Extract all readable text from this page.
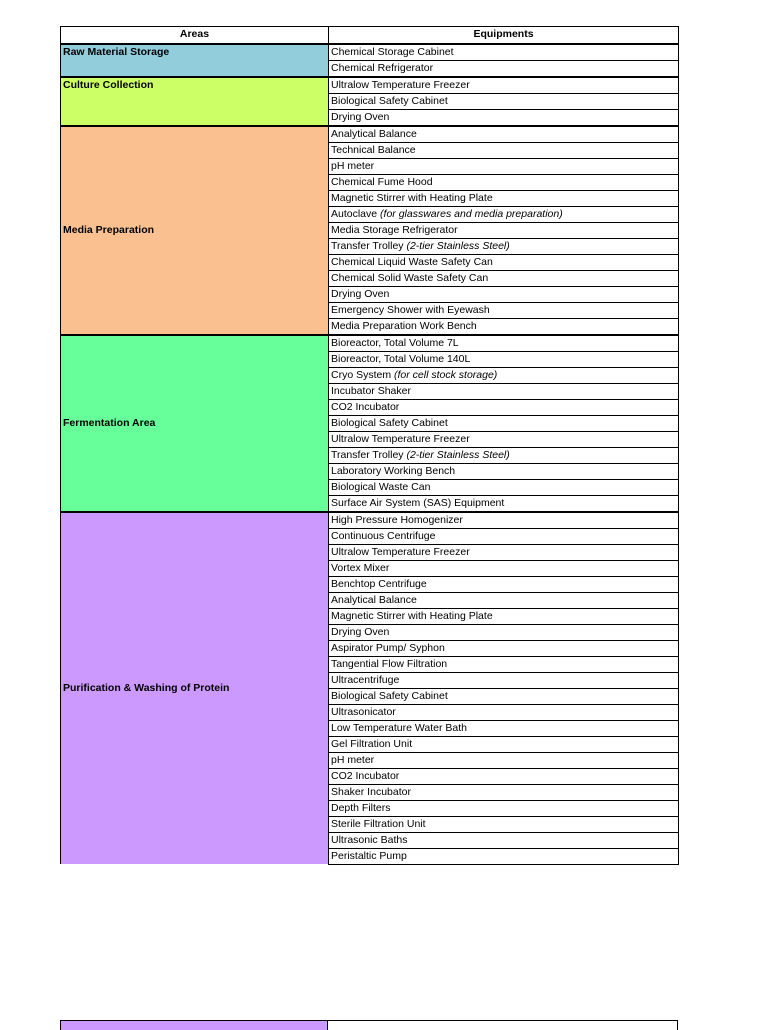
Areas	Equipments
Raw Material Storage	Chemical Storage Cabinet
	Chemical Refrigerator
Culture Collection	Ultralow Temperature Freezer
	Biological Safety Cabinet
	Drying Oven
Media Preparation	Analytical Balance
	Technical Balance
	pH meter
	Chemical Fume Hood
	Magnetic Stirrer with Heating Plate
	Autoclave (for glasswares and media preparation)
	Media Storage Refrigerator
	Transfer Trolley (2-tier Stainless Steel)
	Chemical Liquid Waste Safety Can
	Chemical Solid Waste Safety Can
	Drying Oven
	Emergency Shower with Eyewash
	Media Preparation Work Bench
Fermentation Area	Bioreactor, Total Volume 7L
	Bioreactor, Total Volume 140L
	Cryo System (for cell stock storage)
	Incubator Shaker
	CO2 Incubator
	Biological Safety Cabinet
	Ultralow Temperature Freezer
	Transfer Trolley (2-tier Stainless Steel)
	Laboratory Working Bench
	Biological Waste Can
	Surface Air System (SAS) Equipment
Purification & Washing of Protein	High Pressure Homogenizer
	Continuous Centrifuge
	Ultralow Temperature Freezer
	Vortex Mixer
	Benchtop Centrifuge
	Analytical Balance
	Magnetic Stirrer with Heating Plate
	Drying Oven
	Aspirator Pump/ Syphon
	Tangential Flow Filtration
	Ultracentrifuge
	Biological Safety Cabinet
	Ultrasonicator
	Low Temperature Water Bath
	Gel Filtration Unit
	pH meter
	CO2 Incubator
	Shaker Incubator
	Depth Filters
	Sterile Filtration Unit
	Ultrasonic Baths
	Peristaltic Pump
